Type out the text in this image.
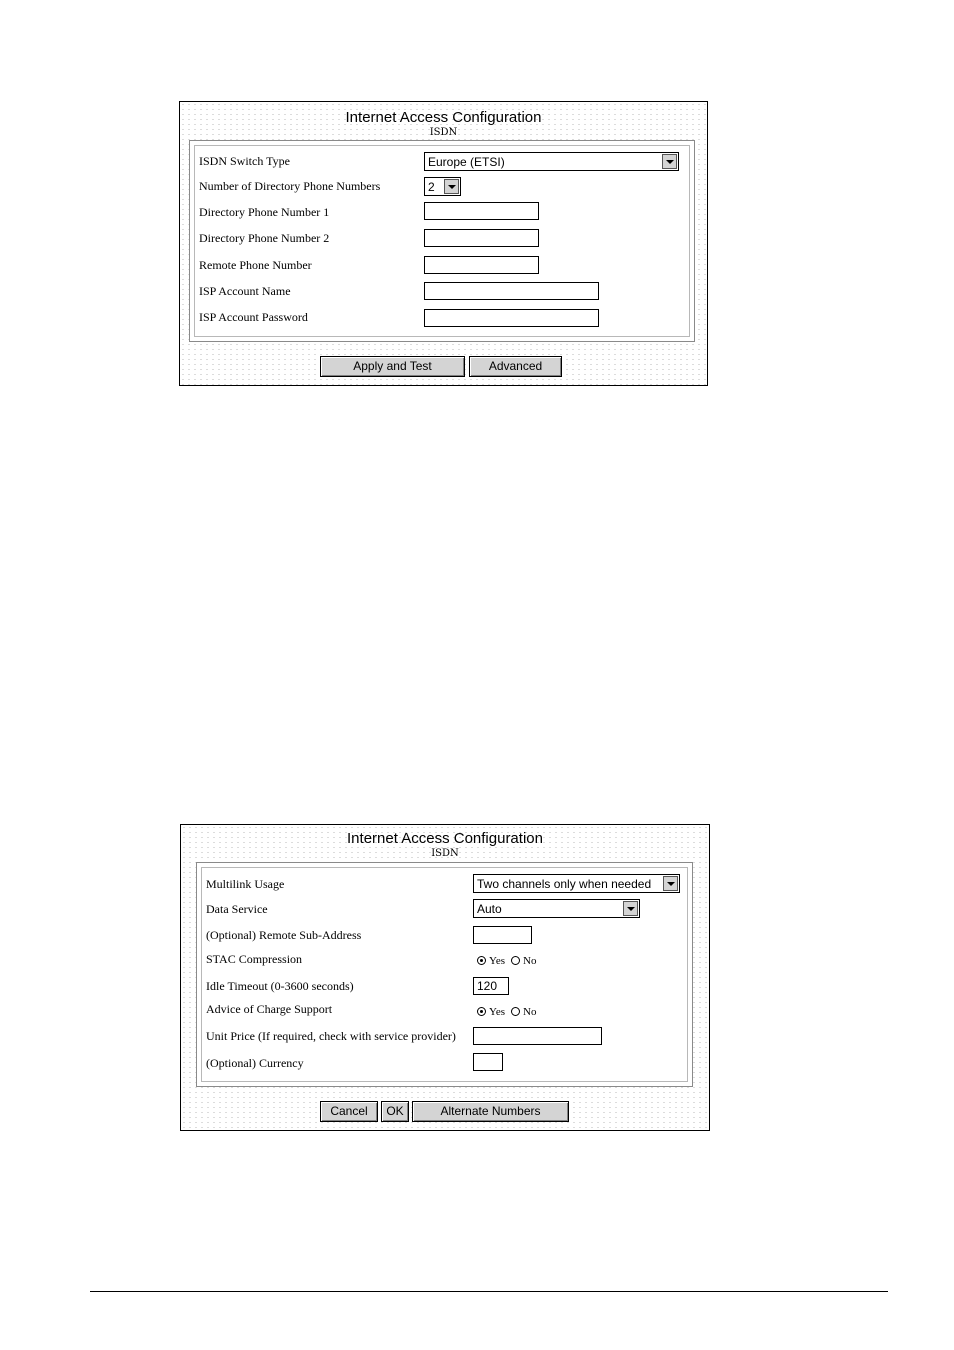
Internet Access Configuration
ISDN
ISDN Switch Type	Europe (ETSI)
Number of Directory Phone Numbers	2
Directory Phone Number 1
Directory Phone Number 2
Remote Phone Number
ISP Account Name
ISP Account Password
Apply and Test	Advanced
Internet Access Configuration
ISDN
Multilink Usage	Two channels only when needed
Data Service	Auto
(Optional) Remote Sub-Address
STAC Compression	Yes No
Idle Timeout (0-3600 seconds)	120
Advice of Charge Support	Yes No
Unit Price (If required, check with service provider)
(Optional) Currency
Cancel	OK	Alternate Numbers
